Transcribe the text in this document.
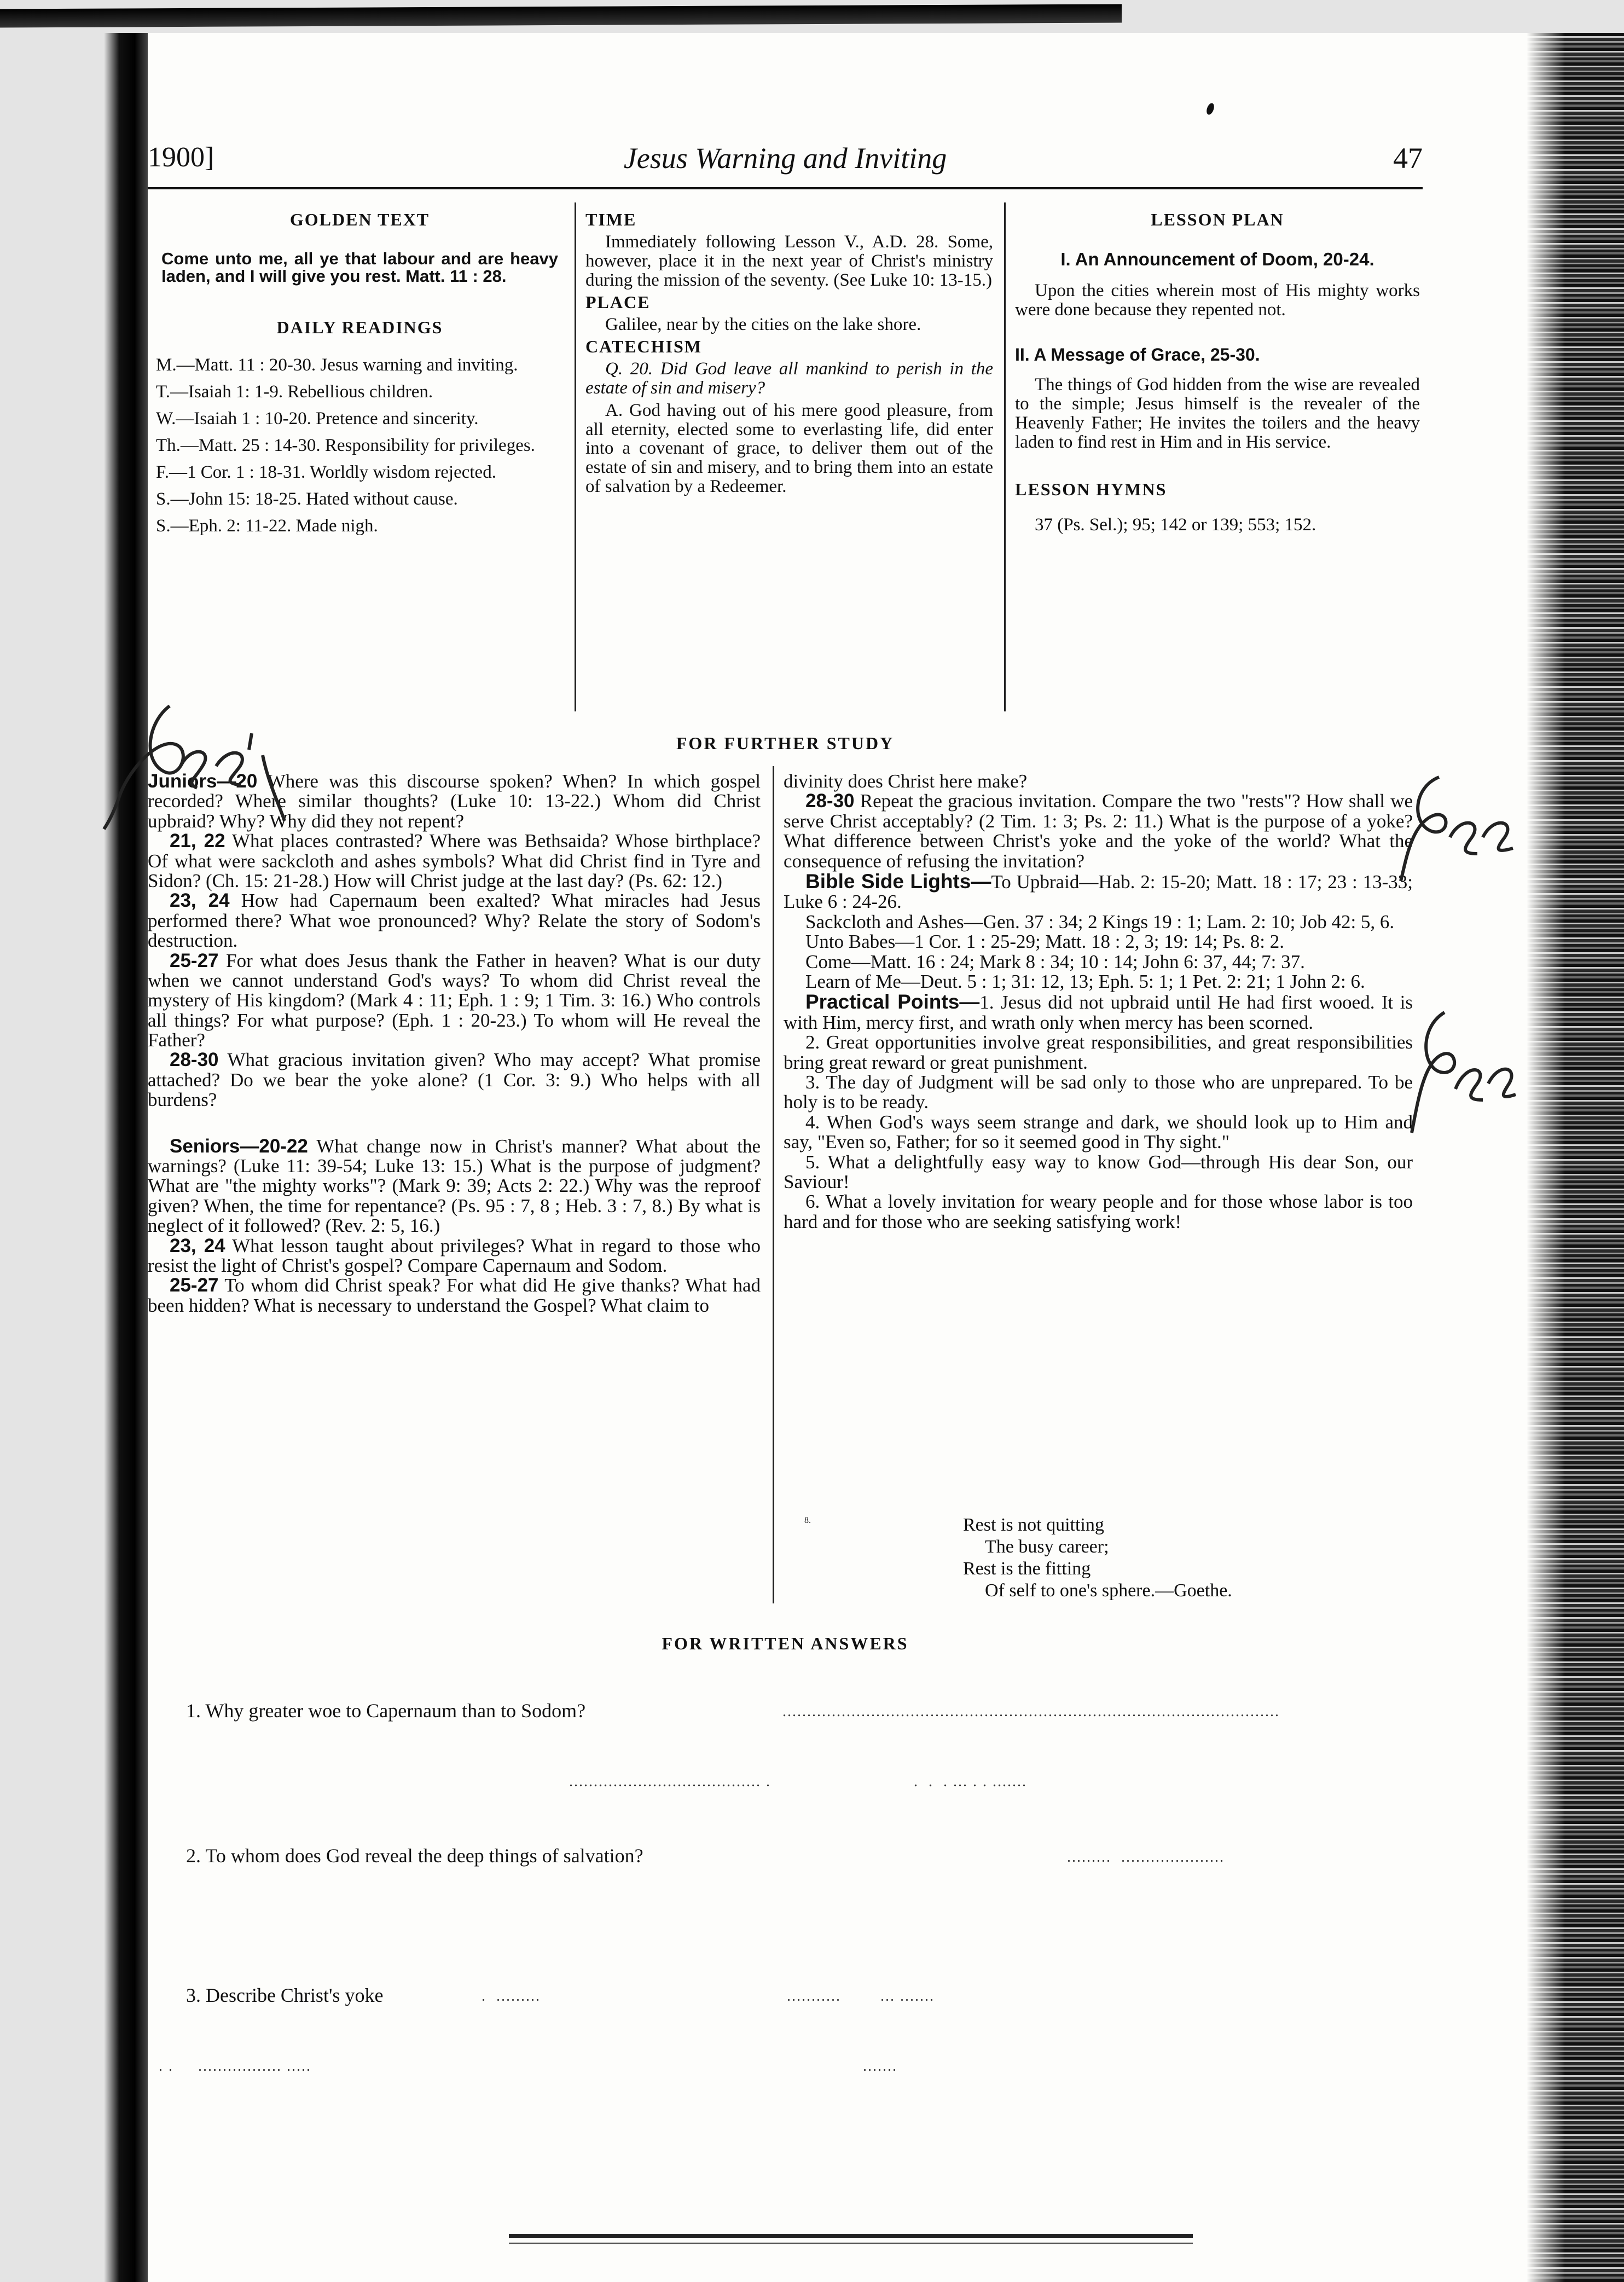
1900]	Jesus Warning and Inviting	47
GOLDEN TEXT

Come unto me, all ye that labour and are heavy laden, and I will give you rest. Matt. 11 : 28.

DAILY READINGS

M.—Matt. 11 : 20-30. Jesus warning and inviting.

T.—Isaiah 1: 1-9. Rebellious children.

W.—Isaiah 1 : 10-20. Pretence and sincerity.

Th.—Matt. 25 : 14-30. Responsibility for privileges.

F.—1 Cor. 1 : 18-31. Worldly wisdom rejected.

S.—John 15: 18-25. Hated without cause.

S.—Eph. 2: 11-22. Made nigh.

TIME

Immediately following Lesson V., A.D. 28. Some, however, place it in the next year of Christ's ministry during the mission of the seventy. (See Luke 10: 13-15.)

PLACE

Galilee, near by the cities on the lake shore.

CATECHISM

Q. 20. Did God leave all mankind to perish in the estate of sin and misery?

A. God having out of his mere good pleasure, from all eternity, elected some to everlasting life, did enter into a covenant of grace, to deliver them out of the estate of sin and misery, and to bring them into an estate of salvation by a Redeemer.

LESSON PLAN

I. An Announcement of Doom, 20-24.

Upon the cities wherein most of His mighty works were done because they repented not.

II. A Message of Grace, 25-30.

The things of God hidden from the wise are revealed to the simple; Jesus himself is the revealer of the Heavenly Father; He invites the toilers and the heavy laden to find rest in Him and in His service.

LESSON HYMNS

37 (Ps. Sel.); 95; 142 or 139; 553; 152.

FOR FURTHER STUDY

Juniors—20 Where was this discourse spoken? When? In which gospel recorded? Where similar thoughts? (Luke 10: 13-22.) Whom did Christ upbraid? Why? Why did they not repent?

21, 22 What places contrasted? Where was Bethsaida? Whose birthplace? Of what were sackcloth and ashes symbols? What did Christ find in Tyre and Sidon? (Ch. 15: 21-28.) How will Christ judge at the last day? (Ps. 62: 12.)

23, 24 How had Capernaum been exalted? What miracles had Jesus performed there? What woe pronounced? Why? Relate the story of Sodom's destruction.

25-27 For what does Jesus thank the Father in heaven? What is our duty when we cannot understand God's ways? To whom did Christ reveal the mystery of His kingdom? (Mark 4 : 11; Eph. 1 : 9; 1 Tim. 3: 16.) Who controls all things? For what purpose? (Eph. 1 : 20-23.) To whom will He reveal the Father?

28-30 What gracious invitation given? Who may accept? What promise attached? Do we bear the yoke alone? (1 Cor. 3: 9.) Who helps with all burdens?

Seniors—20-22 What change now in Christ's manner? What about the warnings? (Luke 11: 39-54; Luke 13: 15.) What is the purpose of judgment? What are "the mighty works"? (Mark 9: 39; Acts 2: 22.) Why was the reproof given? When, the time for repentance? (Ps. 95 : 7, 8 ; Heb. 3 : 7, 8.) By what is neglect of it followed? (Rev. 2: 5, 16.)

23, 24 What lesson taught about privileges? What in regard to those who resist the light of Christ's gospel? Compare Capernaum and Sodom.

25-27 To whom did Christ speak? For what did He give thanks? What had been hidden? What is necessary to understand the Gospel? What claim to

divinity does Christ here make?

28-30 Repeat the gracious invitation. Compare the two "rests"? How shall we serve Christ acceptably? (2 Tim. 1: 3; Ps. 2: 11.) What is the purpose of a yoke? What difference between Christ's yoke and the yoke of the world? What the consequence of refusing the invitation?

Bible Side Lights—To Upbraid—Hab. 2: 15-20; Matt. 18 : 17; 23 : 13-33; Luke 6 : 24-26.

Sackcloth and Ashes—Gen. 37 : 34; 2 Kings 19 : 1; Lam. 2: 10; Job 42: 5, 6.

Unto Babes—1 Cor. 1 : 25-29; Matt. 18 : 2, 3; 19: 14; Ps. 8: 2.

Come—Matt. 16 : 24; Mark 8 : 34; 10 : 14; John 6: 37, 44; 7: 37.

Learn of Me—Deut. 5 : 1; 31: 12, 13; Eph. 5: 1; 1 Pet. 2: 21; 1 John 2: 6.

Practical Points—1. Jesus did not upbraid until He had first wooed. It is with Him, mercy first, and wrath only when mercy has been scorned.

2. Great opportunities involve great responsibilities, and great responsibilities bring great reward or great punishment.

3. The day of Judgment will be sad only to those who are unprepared. To be holy is to be ready.

4. When God's ways seem strange and dark, we should look up to Him and say, "Even so, Father; for so it seemed good in Thy sight."

5. What a delightfully easy way to know God—through His dear Son, our Saviour!

6. What a lovely invitation for weary people and for those whose labor is too hard and for those who are seeking satisfying work!

8.	Rest is not quitting
The busy career;
Rest is the fitting
Of self to one's sphere.—Goethe.
FOR WRITTEN ANSWERS
1. Why greater woe to Capernaum than to Sodom?	.....................................................................................................
....................................... .                             .  .  . ... . . .......
2. To whom does God reveal the deep things of salvation?	.........  .....................
3. Describe Christ's yoke	.  .........                                                  ...........        ... .......
. .     ................. .....                                                                                                                .......
